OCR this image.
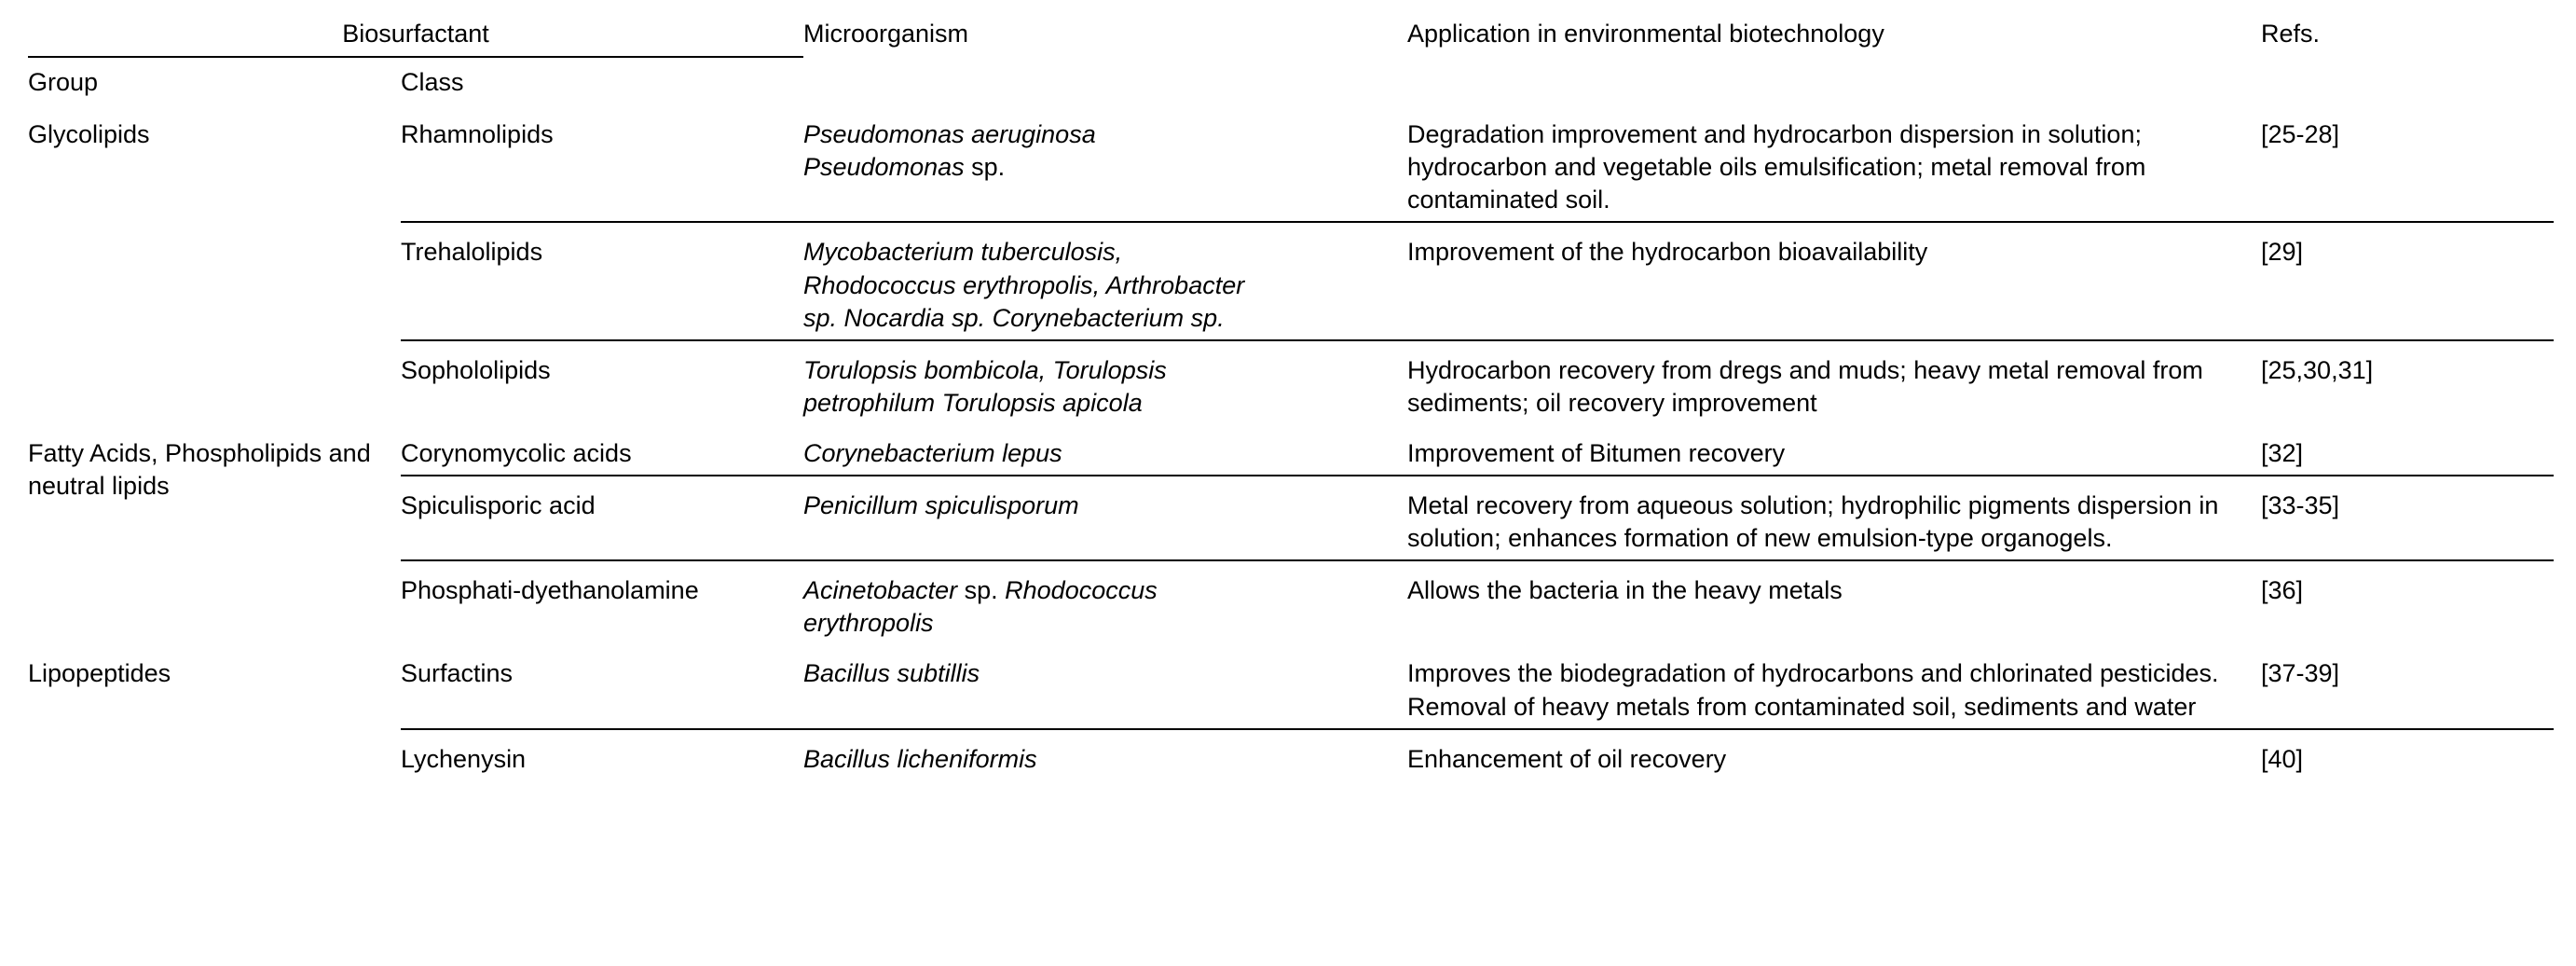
Biosurfactant		Microorganism	Application in environmental biotechnology	Refs.

Group	Class			

Glycolipids	Rhamnolipids	Pseudomonas aeruginosa
Pseudomonas sp.	Degradation improvement and hydrocarbon dispersion in solution; hydrocarbon and vegetable oils emulsification; metal removal from contaminated soil.	[25-28]

	Trehalolipids	Mycobacterium tuberculosis,
Rhodococcus erythropolis, Arthrobacter
sp. Nocardia sp. Corynebacterium sp.	Improvement of the hydrocarbon bioavailability	[29]

	Sophololipids	Torulopsis bombicola, Torulopsis
petrophilum Torulopsis apicola	Hydrocarbon recovery from dregs and muds; heavy metal removal from sediments; oil recovery improvement	[25,30,31]

Fatty Acids, Phospholipids and neutral lipids	Corynomycolic acids	Corynebacterium lepus	Improvement of Bitumen recovery	[32]

	Spiculisporic acid	Penicillum spiculisporum	Metal recovery from aqueous solution; hydrophilic pigments dispersion in solution; enhances formation of new emulsion-type organogels.	[33-35]

	Phosphati-dyethanolamine	Acinetobacter sp. Rhodococcus
erythropolis	Allows the bacteria in the heavy metals	[36]

Lipopeptides	Surfactins	Bacillus subtillis	Improves the biodegradation of hydrocarbons and chlorinated pesticides. Removal of heavy metals from contaminated soil, sediments and water	[37-39]

	Lychenysin	Bacillus licheniformis	Enhancement of oil recovery	[40]
